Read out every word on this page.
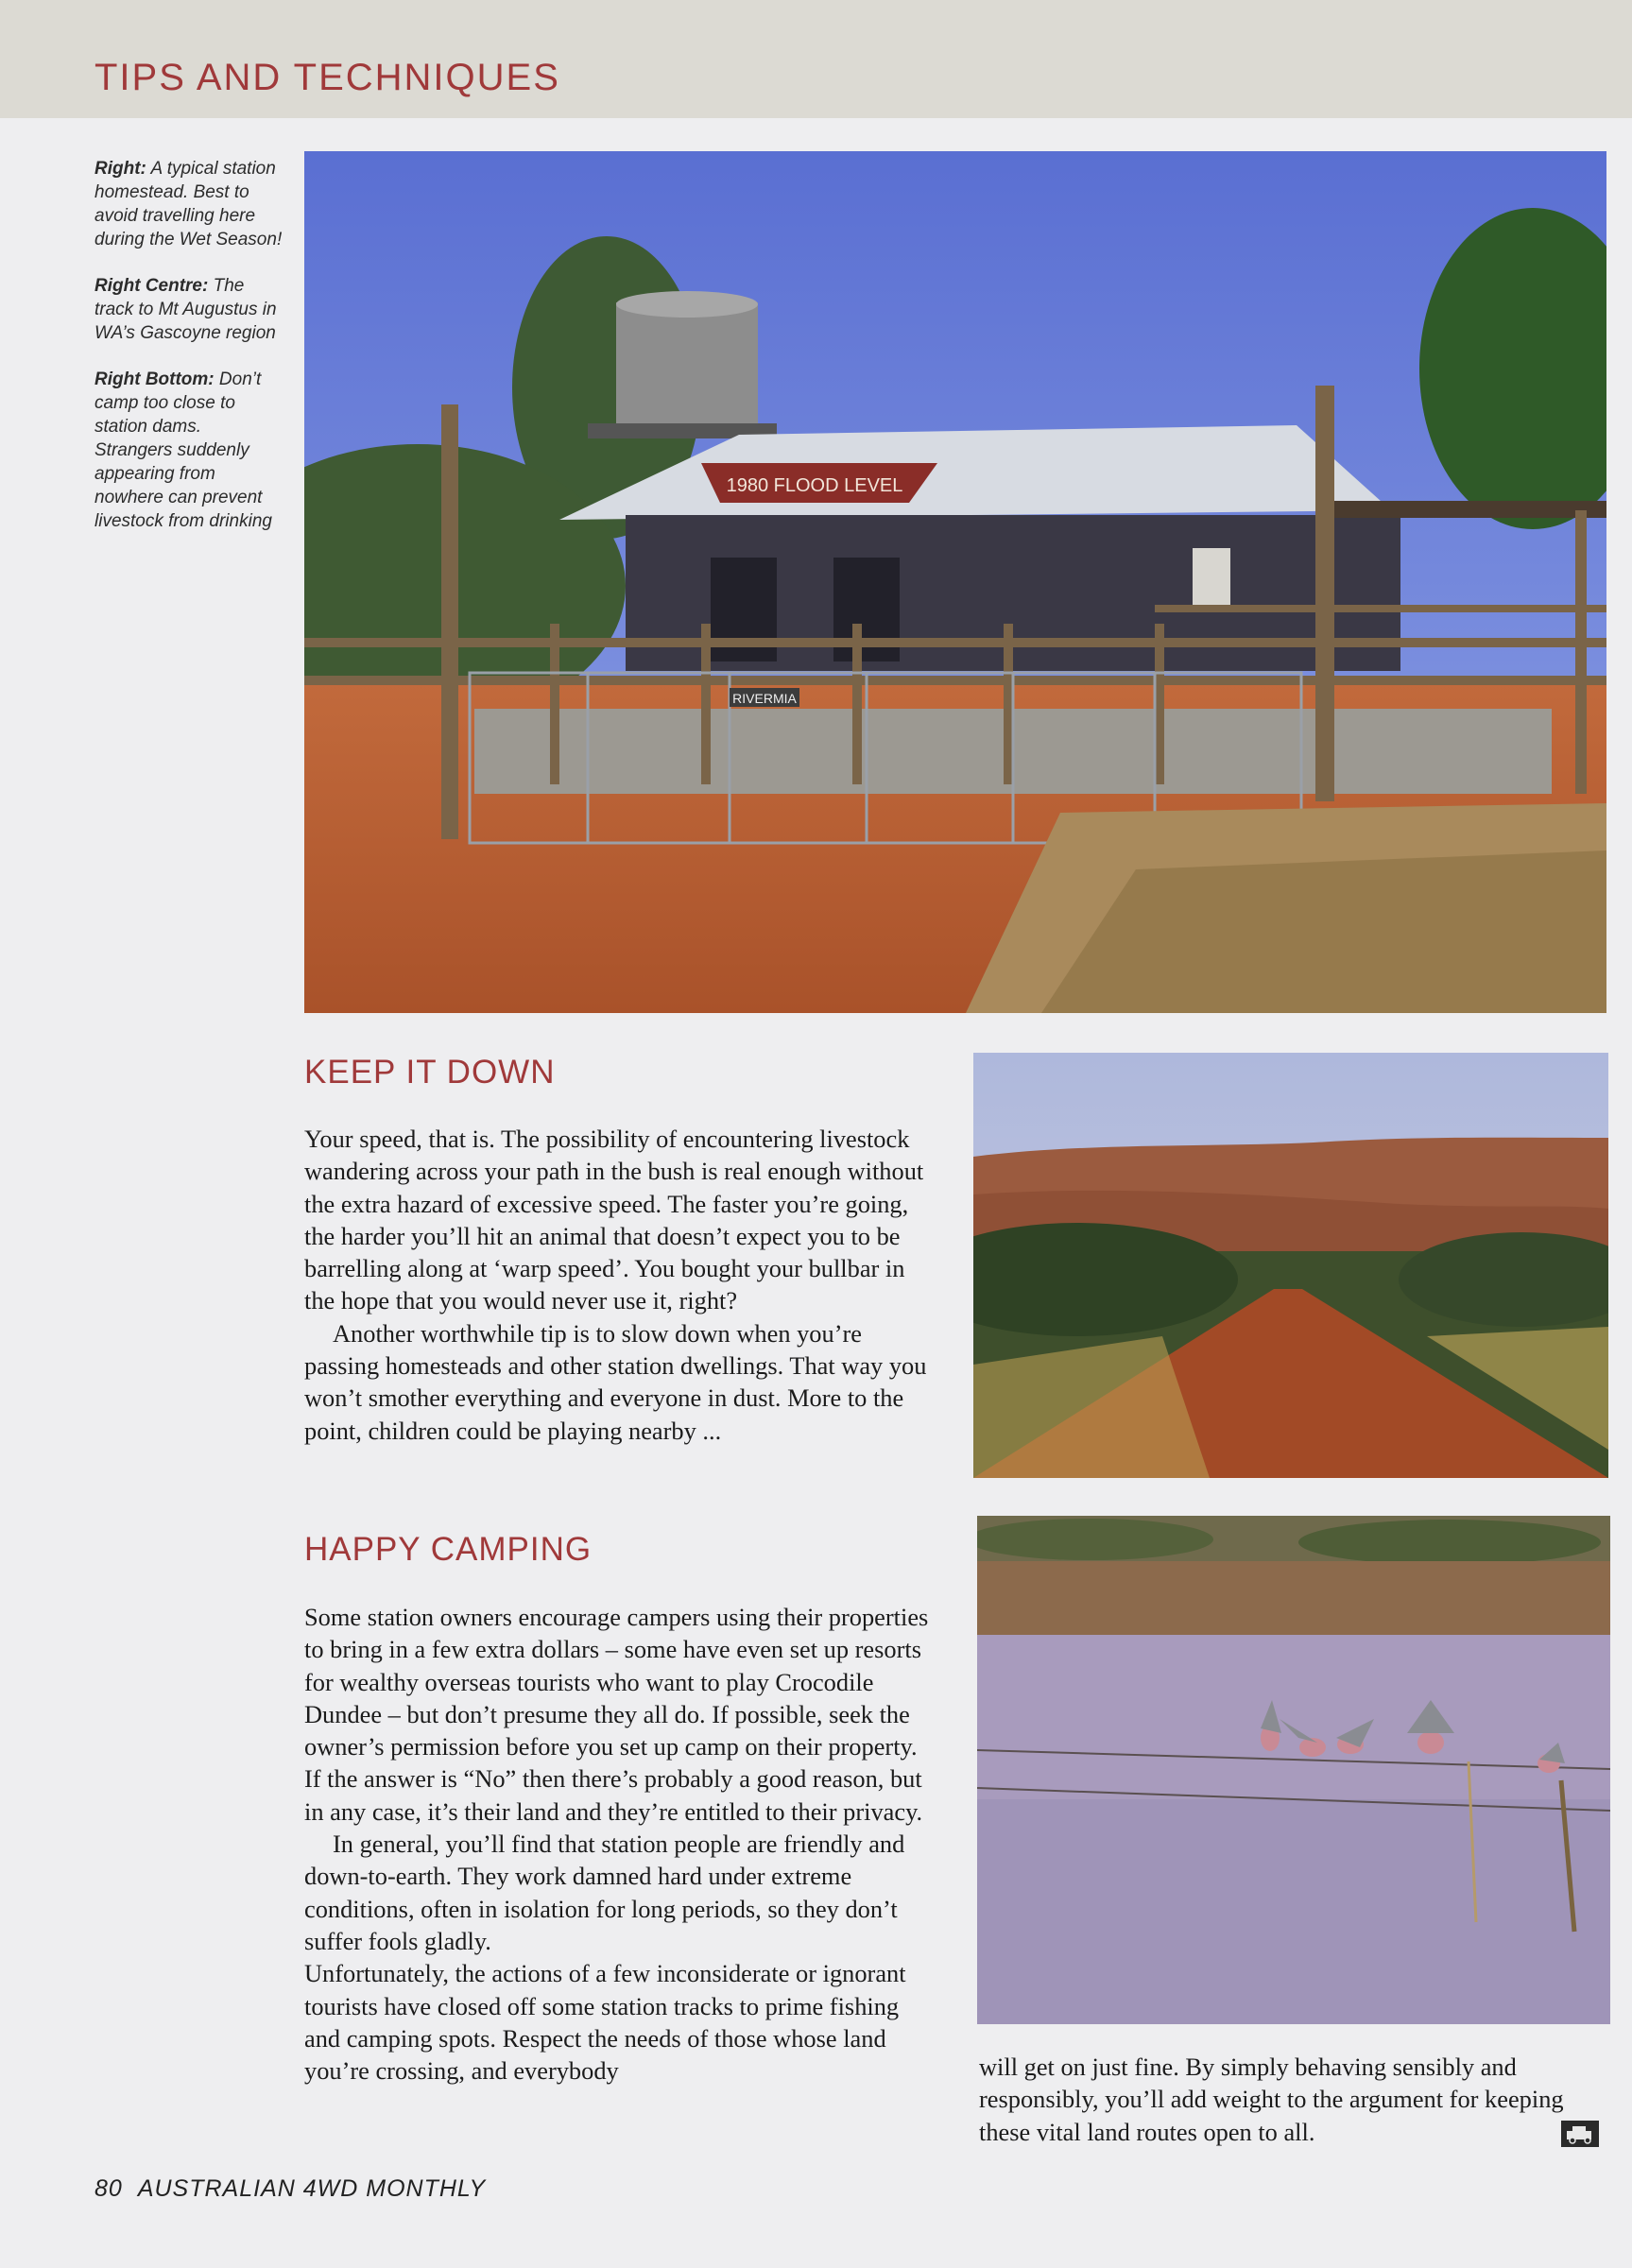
TIPS AND TECHNIQUES

Right: A typical station homestead. Best to avoid travelling here during the Wet Season!

Right Centre: The track to Mt Augustus in WA’s Gascoyne region

Right Bottom: Don’t camp too close to station dams. Strangers suddenly appearing from nowhere can prevent livestock from drinking

1980 FLOOD LEVEL
RIVERMIA
KEEP IT DOWN

Your speed, that is. The possibility of encountering livestock wandering across your path in the bush is real enough without the extra hazard of excessive speed. The faster you’re going, the harder you’ll hit an animal that doesn’t expect you to be barrelling along at ‘warp speed’. You bought your bullbar in the hope that you would never use it, right?

Another worthwhile tip is to slow down when you’re passing homesteads and other station dwellings. That way you won’t smother everything and everyone in dust. More to the point, children could be playing nearby ...

HAPPY CAMPING

Some station owners encourage campers using their properties to bring in a few extra dollars – some have even set up resorts for wealthy overseas tourists who want to play Crocodile Dundee – but don’t presume they all do. If possible, seek the owner’s permission before you set up camp on their property. If the answer is “No” then there’s probably a good reason, but in any case, it’s their land and they’re entitled to their privacy.

In general, you’ll find that station people are friendly and down-to-earth. They work damned hard under extreme conditions, often in isolation for long periods, so they don’t suffer fools gladly.

Unfortunately, the actions of a few inconsiderate or ignorant tourists have closed off some station tracks to prime fishing and camping spots. Respect the needs of those whose land you’re crossing, and everybody	will get on just fine. By simply behaving sensibly and responsibly, you’ll add weight to the argument for keeping these vital land routes open to all.

80 AUSTRALIAN 4WD MONTHLY
